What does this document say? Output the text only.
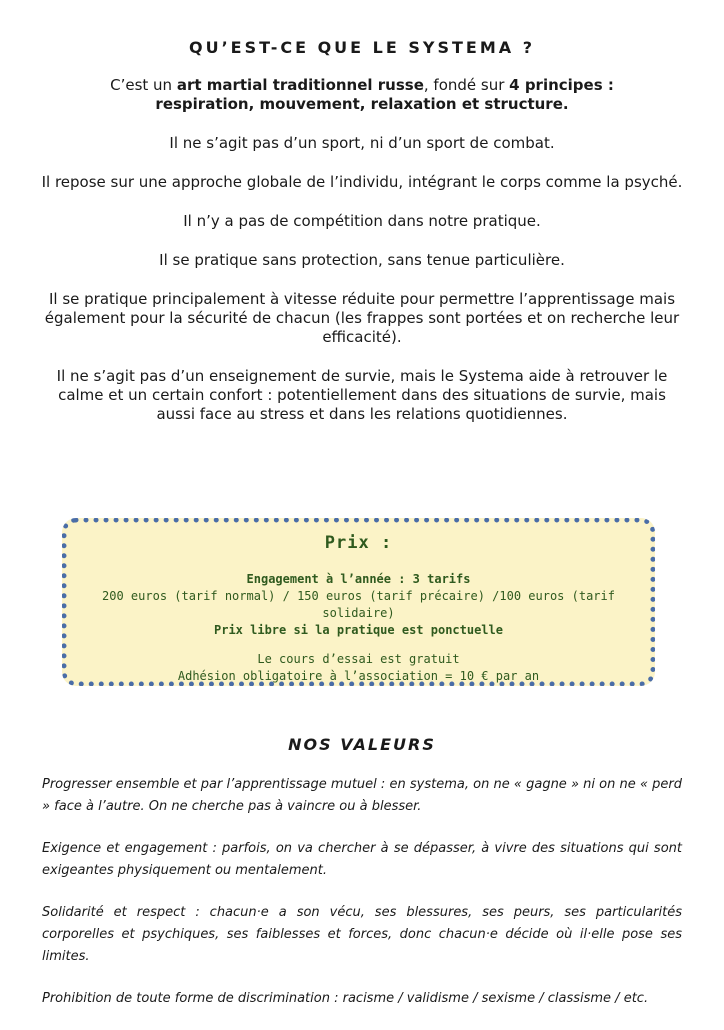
QU’EST-CE QUE LE SYSTEMA ?

C’est un art martial traditionnel russe, fondé sur 4 principes :
respiration, mouvement, relaxation et structure.

Il ne s’agit pas d’un sport, ni d’un sport de combat.

Il repose sur une approche globale de l’individu, intégrant le corps comme la psyché.

Il n’y a pas de compétition dans notre pratique.

Il se pratique sans protection, sans tenue particulière.

Il se pratique principalement à vitesse réduite pour permettre l’apprentissage mais également pour la sécurité de chacun (les frappes sont portées et on recherche leur efficacité).

Il ne s’agit pas d’un enseignement de survie, mais le Systema aide à retrouver le calme et un certain confort : potentiellement dans des situations de survie, mais aussi face au stress et dans les relations quotidiennes.

Prix :

Engagement à l’année : 3 tarifs

200 euros (tarif normal) / 150 euros (tarif précaire) /100 euros (tarif solidaire)

Prix libre si la pratique est ponctuelle

Le cours d’essai est gratuit

Adhésion obligatoire à l’association = 10 € par an

NOS VALEURS

Progresser ensemble et par l’apprentissage mutuel : en systema, on ne « gagne » ni on ne « perd » face à l’autre. On ne cherche pas à vaincre ou à blesser.

Exigence et engagement : parfois, on va chercher à se dépasser, à vivre des situations qui sont exigeantes physiquement ou mentalement.

Solidarité et respect : chacun·e a son vécu, ses blessures, ses peurs, ses particularités corporelles et psychiques, ses faiblesses et forces, donc chacun·e décide où il·elle pose ses limites.

Prohibition de toute forme de discrimination : racisme / validisme / sexisme / classisme / etc.
